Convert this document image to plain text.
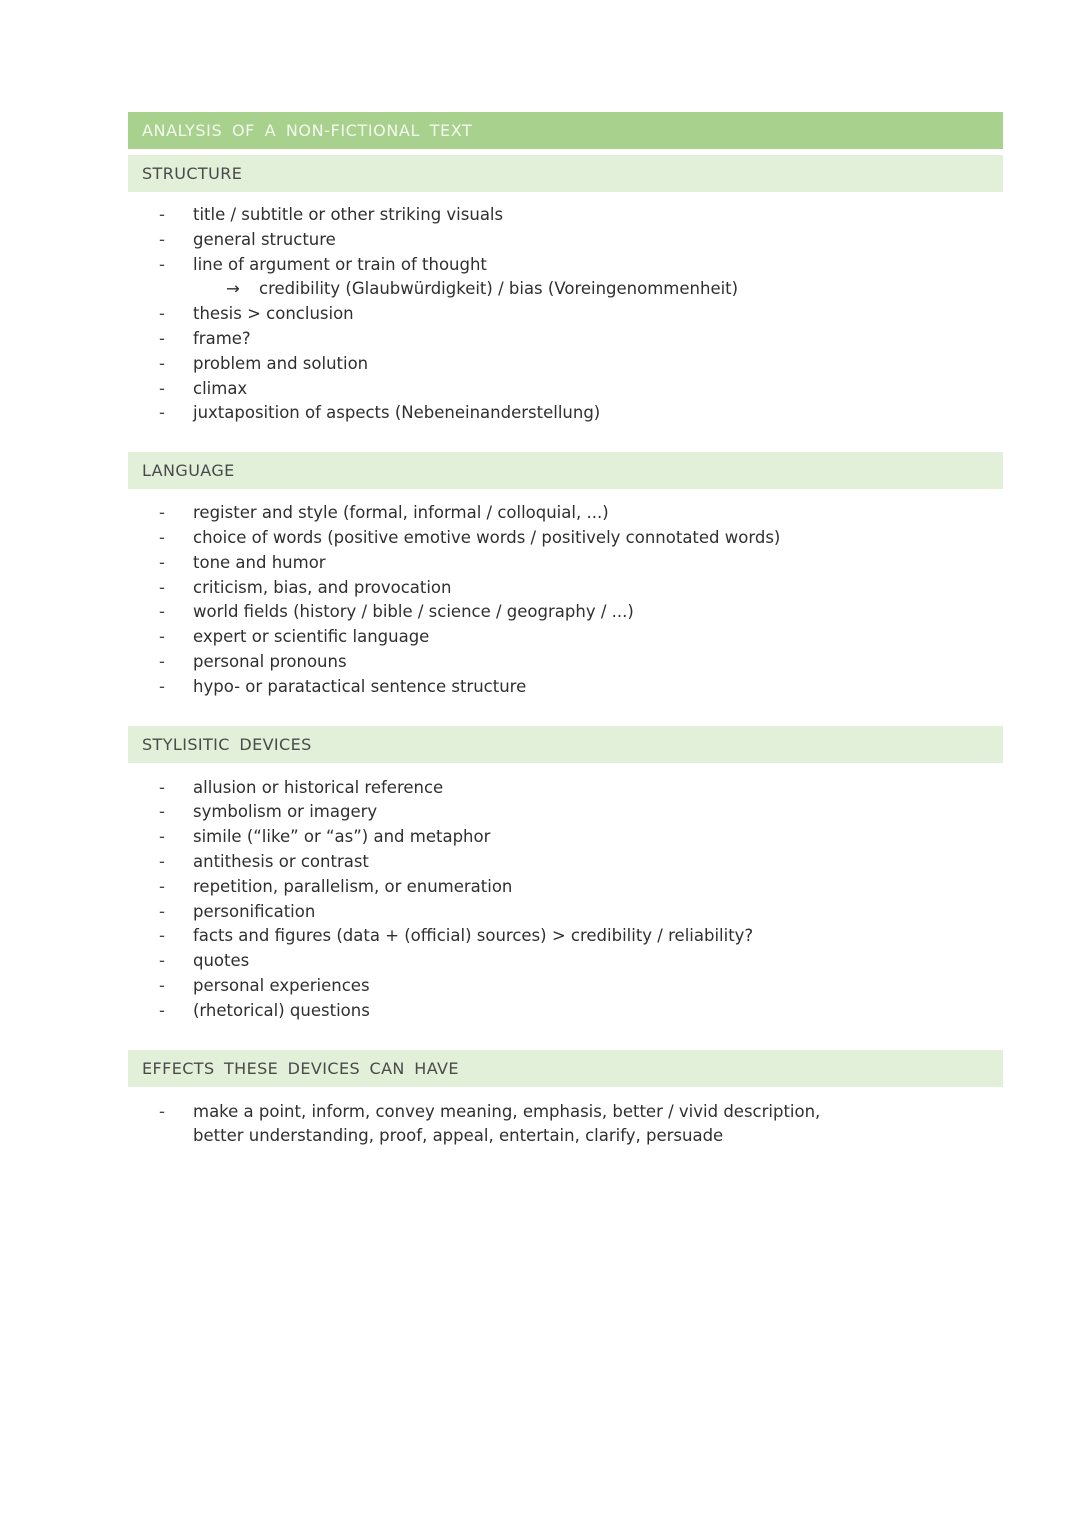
ANALYSIS OF A NON-FICTIONAL TEXT
STRUCTURE
- title / subtitle or other striking visuals
- general structure
- line of argument or train of thought
→ credibility (Glaubwürdigkeit) / bias (Voreingenommenheit)
- thesis > conclusion
- frame?
- problem and solution
- climax
- juxtaposition of aspects (Nebeneinanderstellung)
LANGUAGE
- register and style (formal, informal / colloquial, ...)
- choice of words (positive emotive words / positively connotated words)
- tone and humor
- criticism, bias, and provocation
- world fields (history / bible / science / geography / ...)
- expert or scientific language
- personal pronouns
- hypo- or paratactical sentence structure
STYLISITIC DEVICES
- allusion or historical reference
- symbolism or imagery
- simile (“like” or “as”) and metaphor
- antithesis or contrast
- repetition, parallelism, or enumeration
- personification
- facts and figures (data + (official) sources) > credibility / reliability?
- quotes
- personal experiences
- (rhetorical) questions
EFFECTS THESE DEVICES CAN HAVE
- make a point, inform, convey meaning, emphasis, better / vivid description, better understanding, proof, appeal, entertain, clarify, persuade
